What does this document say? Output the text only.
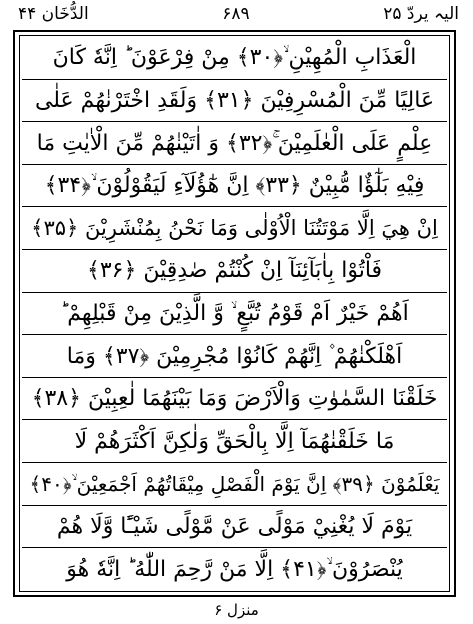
الدُّخَان ۴۴	۶۸۹	الیہ یردّ ۲۵
الْعَذَابِ الْمُهِيْنِ ۙ﴿۳۰﴾ مِنْ فِرْعَوْنَ ؕ اِنَّهٗ كَانَ
عَالِيًا مِّنَ الْمُسْرِفِيْنَ ﴿۳۱﴾ وَلَقَدِ اخْتَرْنٰهُمْ عَلٰى
عِلْمٍ عَلَى الْعٰلَمِيْنَ ۚ﴿۳۲﴾ وَ اٰتَيْنٰهُمْ مِّنَ الْاٰيٰتِ مَا
فِيْهِ بَلٰٓؤٌا مُّبِيْنٌ ﴿۳۳﴾ اِنَّ هٰٓؤُلَآءِ لَيَقُوْلُوْنَ ۙ﴿۳۴﴾
اِنْ هِيَ اِلَّا مَوْتَتُنَا الْاُوْلٰى وَمَا نَحْنُ بِمُنْشَرِيْنَ ﴿۳۵﴾
فَاْتُوْا بِاٰبَآئِنَآ اِنْ كُنْتُمْ صٰدِقِيْنَ ﴿۳۶﴾
اَهُمْ خَيْرٌ اَمْ قَوْمُ تُبَّعٍ ۙ وَّ الَّذِيْنَ مِنْ قَبْلِهِمْ ؕ
اَهْلَكْنٰهُمْ ۫ اِنَّهُمْ كَانُوْا مُجْرِمِيْنَ ﴿۳۷﴾ وَمَا
خَلَقْنَا السَّمٰوٰتِ وَالْاَرْضَ وَمَا بَيْنَهُمَا لٰعِبِيْنَ ﴿۳۸﴾
مَا خَلَقْنٰهُمَآ اِلَّا بِالْحَقِّ وَلٰكِنَّ اَكْثَرَهُمْ لَا
يَعْلَمُوْنَ ﴿۳۹﴾ اِنَّ يَوْمَ الْفَصْلِ مِيْقَاتُهُمْ اَجْمَعِيْنَ ۙ﴿۴۰﴾
يَوْمَ لَا يُغْنِيْ مَوْلًى عَنْ مَّوْلًى شَيْـًٔا وَّلَا هُمْ
يُنْصَرُوْنَ ۙ﴿۴۱﴾ اِلَّا مَنْ رَّحِمَ اللّٰهُ ؕ اِنَّهٗ هُوَ
منزل ۶
